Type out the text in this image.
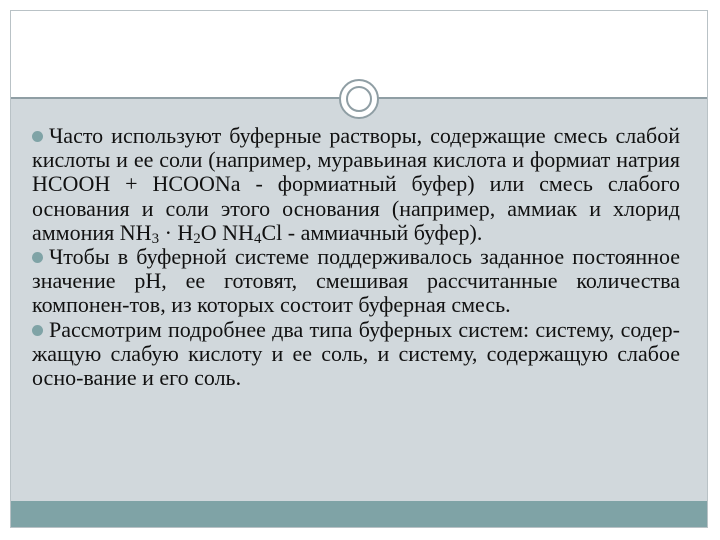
Часто используют буферные растворы, содержащие смесь слабой кислоты и ее соли (например, муравьиная кислота и формиат натрия НСООН + НСООNa - формиатный буфер) или смесь слабого основания и соли этого основания (например, аммиак и хлорид аммония $NH_3 \cdot H_2O$ $NH_4Cl$ - аммиачный буфер).

Чтобы в буферной системе поддерживалось заданное постоянное значение рН, ее готовят, смешивая рассчитанные количества компонен-тов, из которых состоит буферная смесь.

Рассмотрим подробнее два типа буферных систем: систему, содер-жащую слабую кислоту и ее соль, и систему, содержащую слабое осно-вание и его соль.
